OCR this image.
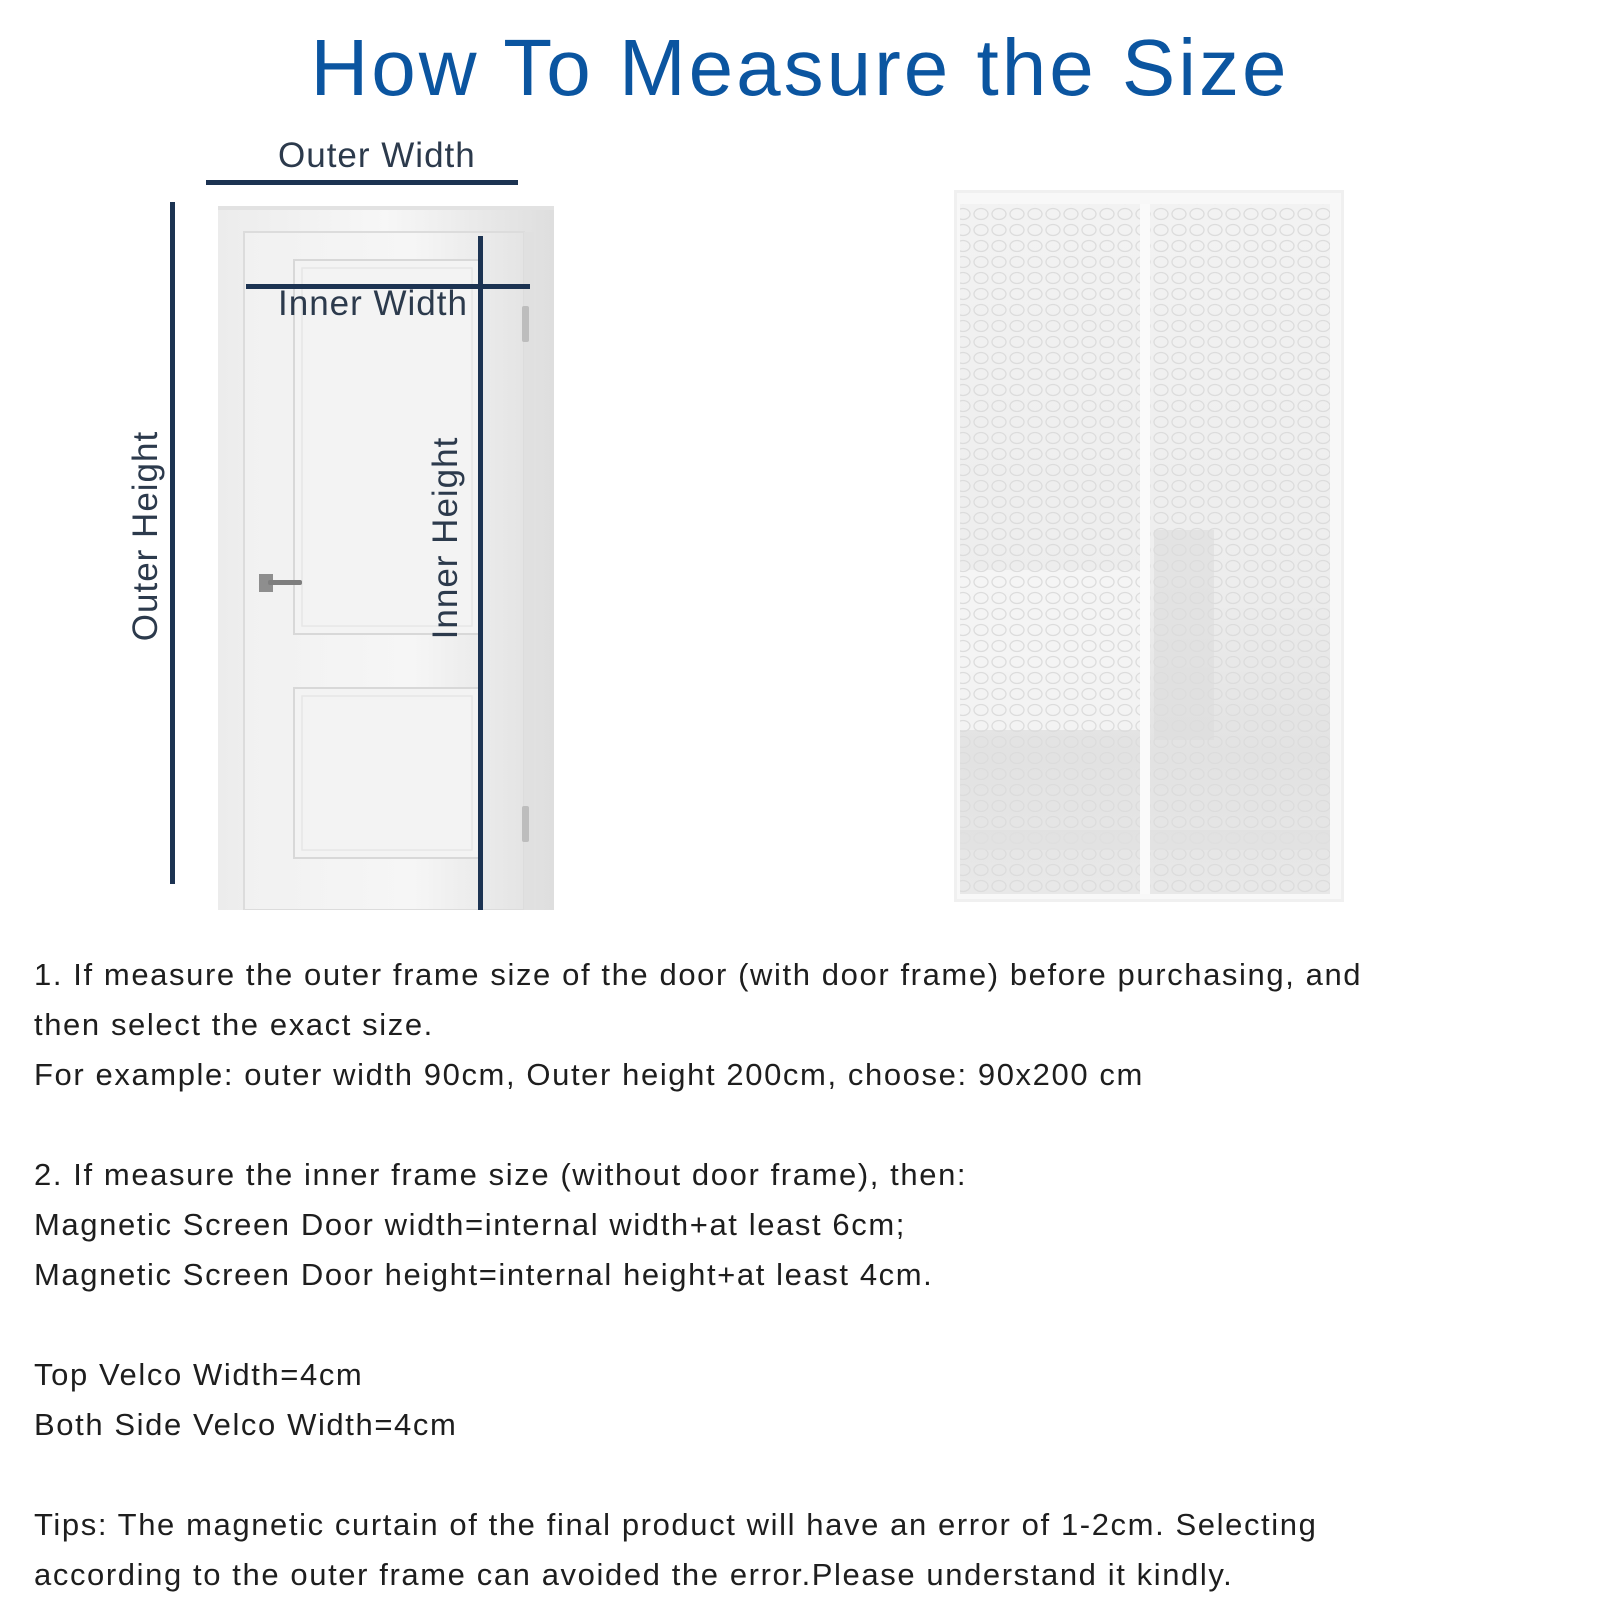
How To Measure the Size
Outer Width
Outer Height
Inner Width
Inner Height

1. If measure the outer frame size of the door (with door frame) before purchasing, and

then select the exact size.

For example: outer width 90cm, Outer height 200cm, choose: 90x200 cm

2. If measure the inner frame size (without door frame), then:

Magnetic Screen Door width=internal width+at least 6cm;

Magnetic Screen Door height=internal height+at least 4cm.

Top Velco Width=4cm

Both Side Velco Width=4cm

Tips: The magnetic curtain of the final product will have an error of 1-2cm. Selecting

according to the outer frame can avoided the error.Please understand it kindly.
